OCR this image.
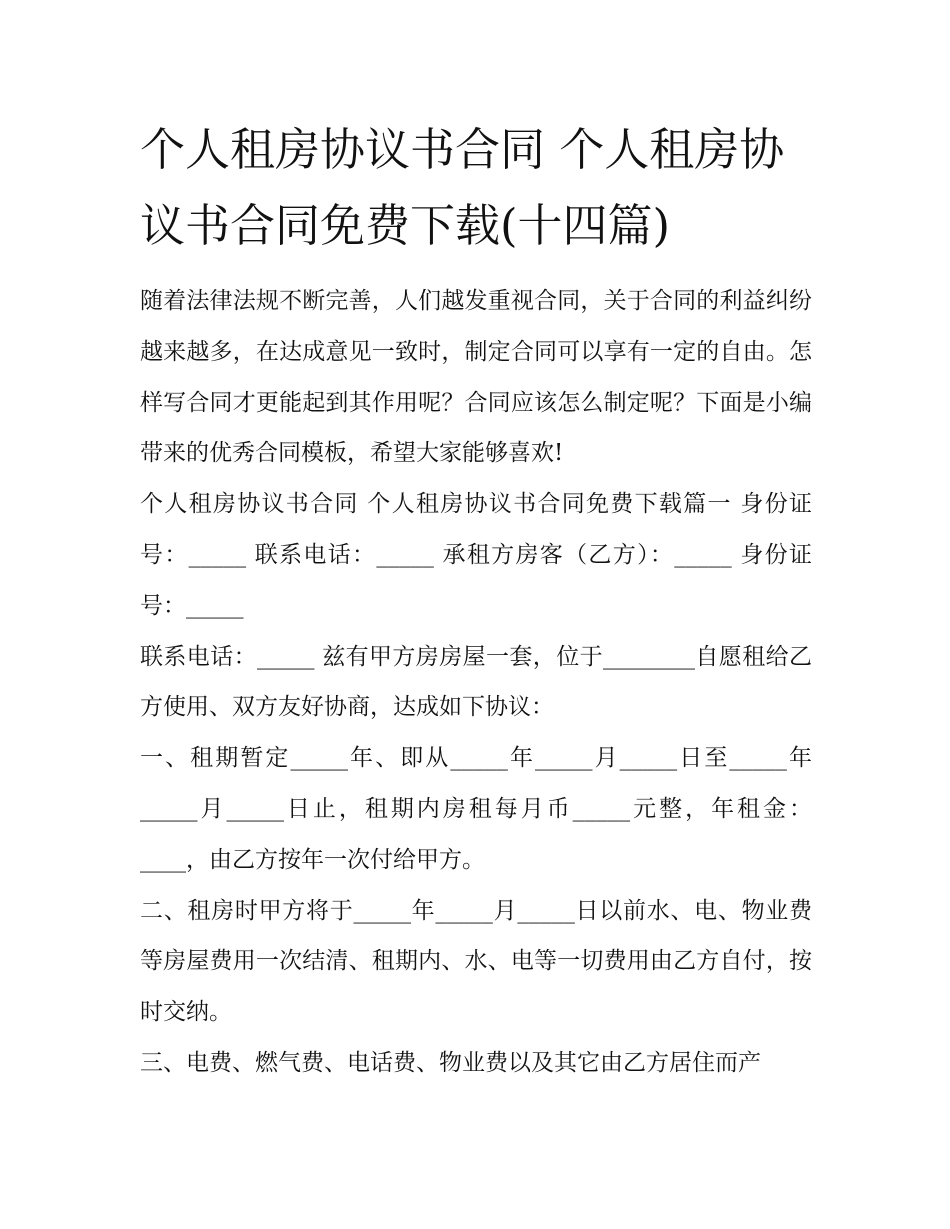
个人租房协议书合同 个人租房协议书合同免费下载(十四篇)

随着法律法规不断完善，人们越发重视合同，关于合同的利益纠纷越来越多，在达成意见一致时，制定合同可以享有一定的自由。怎样写合同才更能起到其作用呢？合同应该怎么制定呢？下面是小编带来的优秀合同模板，希望大家能够喜欢!

个人租房协议书合同 个人租房协议书合同免费下载篇一 身份证号：_____ 联系电话：_____ 承租方房客（乙方）：_____ 身份证号：_____

联系电话：_____ 兹有甲方房房屋一套，位于________自愿租给乙方使用、双方友好协商，达成如下协议：

一、租期暂定_____年、即从_____年_____月_____日至_____年_____月_____日止，租期内房租每月币_____元整，年租金：____，由乙方按年一次付给甲方。

二、租房时甲方将于_____年_____月_____日以前水、电、物业费等房屋费用一次结清、租期内、水、电等一切费用由乙方自付，按时交纳。

三、电费、燃气费、电话费、物业费以及其它由乙方居住而产
